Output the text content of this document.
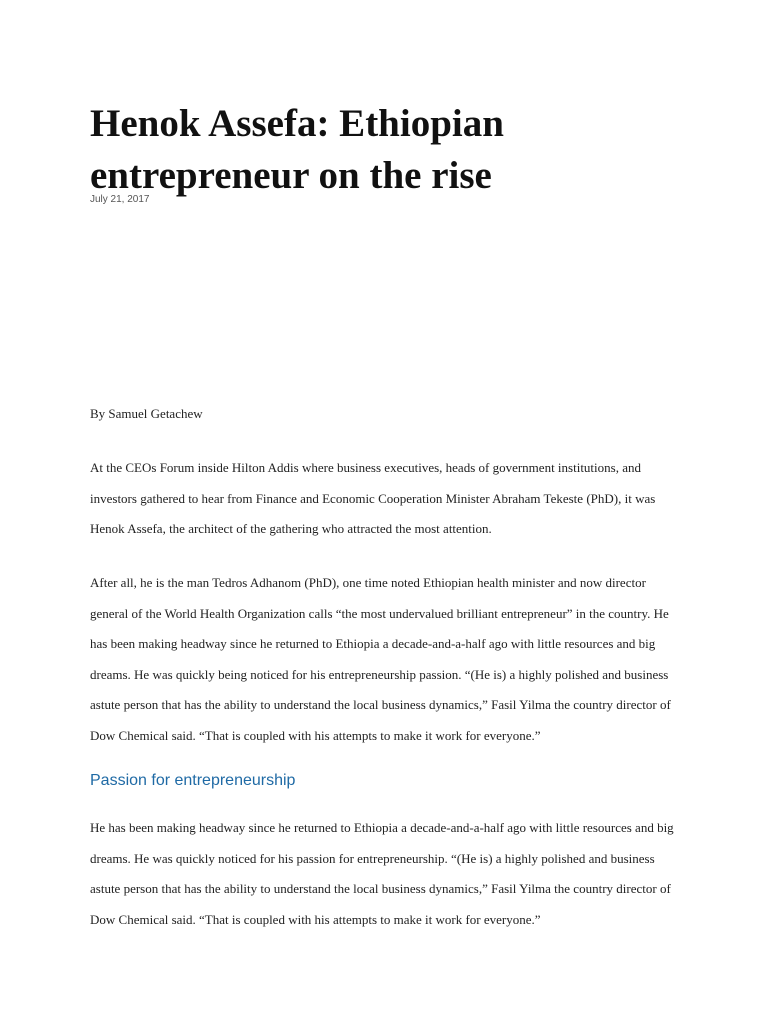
Henok Assefa: Ethiopian entrepreneur on the rise

July 21, 2017

By Samuel Getachew

At the CEOs Forum inside Hilton Addis where business executives, heads of government institutions, and investors gathered to hear from Finance and Economic Cooperation Minister Abraham Tekeste (PhD), it was Henok Assefa, the architect of the gathering who attracted the most attention.

After all, he is the man Tedros Adhanom (PhD), one time noted Ethiopian health minister and now director general of the World Health Organization calls “the most undervalued brilliant entrepreneur” in the country. He has been making headway since he returned to Ethiopia a decade-and-a-half ago with little resources and big dreams. He was quickly being noticed for his entrepreneurship passion. “(He is) a highly polished and business astute person that has the ability to understand the local business dynamics,” Fasil Yilma the country director of Dow Chemical said. “That is coupled with his attempts to make it work for everyone.”

Passion for entrepreneurship

He has been making headway since he returned to Ethiopia a decade-and-a-half ago with little resources and big dreams. He was quickly noticed for his passion for entrepreneurship. “(He is) a highly polished and business astute person that has the ability to understand the local business dynamics,” Fasil Yilma the country director of Dow Chemical said. “That is coupled with his attempts to make it work for everyone.”
